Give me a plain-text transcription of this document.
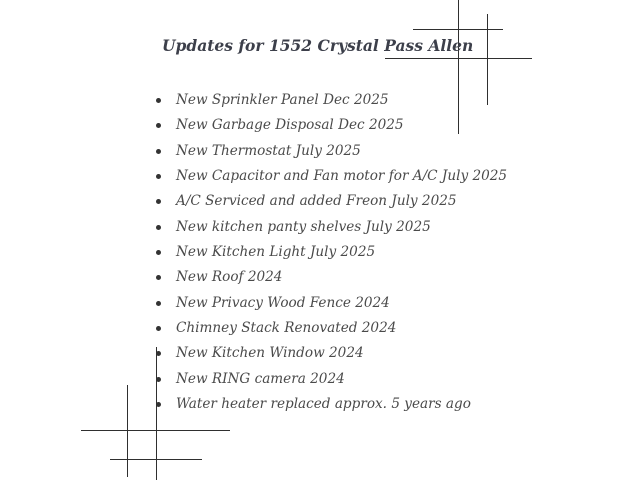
Updates for 1552 Crystal Pass Allen
New Sprinkler Panel Dec 2025
New Garbage Disposal Dec 2025
New Thermostat July 2025
New Capacitor and Fan motor for A/C July 2025
A/C Serviced and added Freon July 2025
New kitchen panty shelves July 2025
New Kitchen Light July 2025
New Roof 2024
New Privacy Wood Fence 2024
Chimney Stack Renovated 2024
New Kitchen Window 2024
New RING camera 2024
Water heater replaced approx. 5 years ago
